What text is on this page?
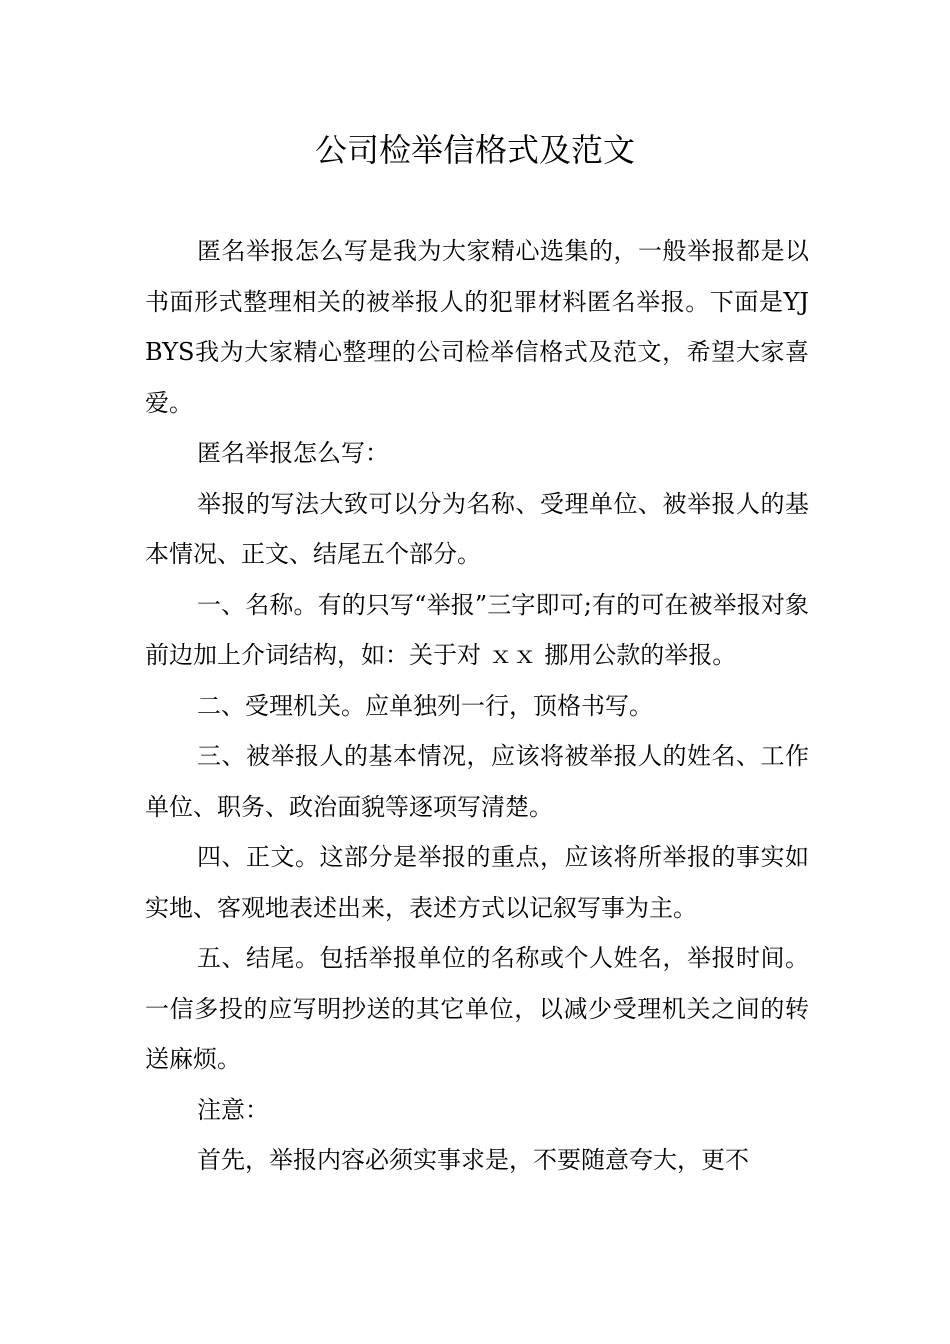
公司检举信格式及范文

匿名举报怎么写是我为大家精心选集的，一般举报都是以书面形式整理相关的被举报人的犯罪材料匿名举报。下面是YJBYS我为大家精心整理的公司检举信格式及范文，希望大家喜爱。

匿名举报怎么写：

举报的写法大致可以分为名称、受理单位、被举报人的基本情况、正文、结尾五个部分。

一、名称。有的只写“举报”三字即可;有的可在被举报对象前边加上介词结构，如：关于对 ｘｘ 挪用公款的举报。

二、受理机关。应单独列一行，顶格书写。

三、被举报人的基本情况，应该将被举报人的姓名、工作单位、职务、政治面貌等逐项写清楚。

四、正文。这部分是举报的重点，应该将所举报的事实如实地、客观地表述出来，表述方式以记叙写事为主。

五、结尾。包括举报单位的名称或个人姓名，举报时间。一信多投的应写明抄送的其它单位，以减少受理机关之间的转送麻烦。

注意：

首先，举报内容必须实事求是，不要随意夸大，更不
